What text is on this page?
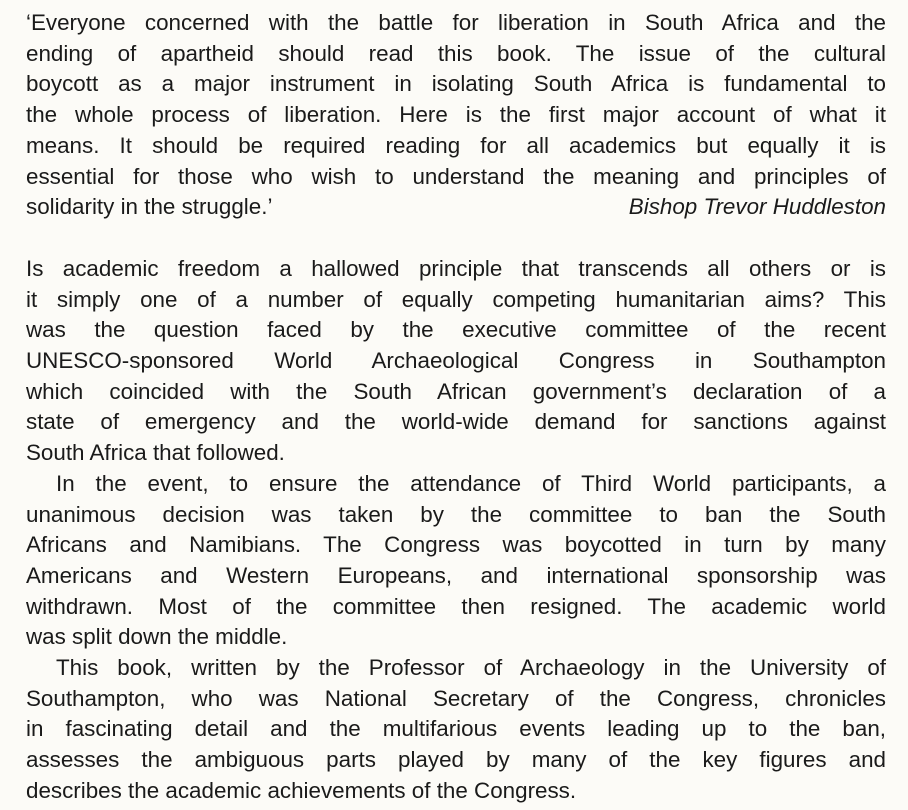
‘Everyone concerned with the battle for liberation in South Africa and the
ending of apartheid should read this book. The issue of the cultural
boycott as a major instrument in isolating South Africa is fundamental to
the whole process of liberation. Here is the first major account of what it
means. It should be required reading for all academics but equally it is
essential for those who wish to understand the meaning and principles of
solidarity in the struggle.’	Bishop Trevor Huddleston
Is academic freedom a hallowed principle that transcends all others or is
it simply one of a number of equally competing humanitarian aims? This
was the question faced by the executive committee of the recent
UNESCO-sponsored World Archaeological Congress in Southampton
which coincided with the South African government’s declaration of a
state of emergency and the world-wide demand for sanctions against
South Africa that followed.
In the event, to ensure the attendance of Third World participants, a
unanimous decision was taken by the committee to ban the South
Africans and Namibians. The Congress was boycotted in turn by many
Americans and Western Europeans, and international sponsorship was
withdrawn. Most of the committee then resigned. The academic world
was split down the middle.
This book, written by the Professor of Archaeology in the University of
Southampton, who was National Secretary of the Congress, chronicles
in fascinating detail and the multifarious events leading up to the ban,
assesses the ambiguous parts played by many of the key figures and
describes the academic achievements of the Congress.
